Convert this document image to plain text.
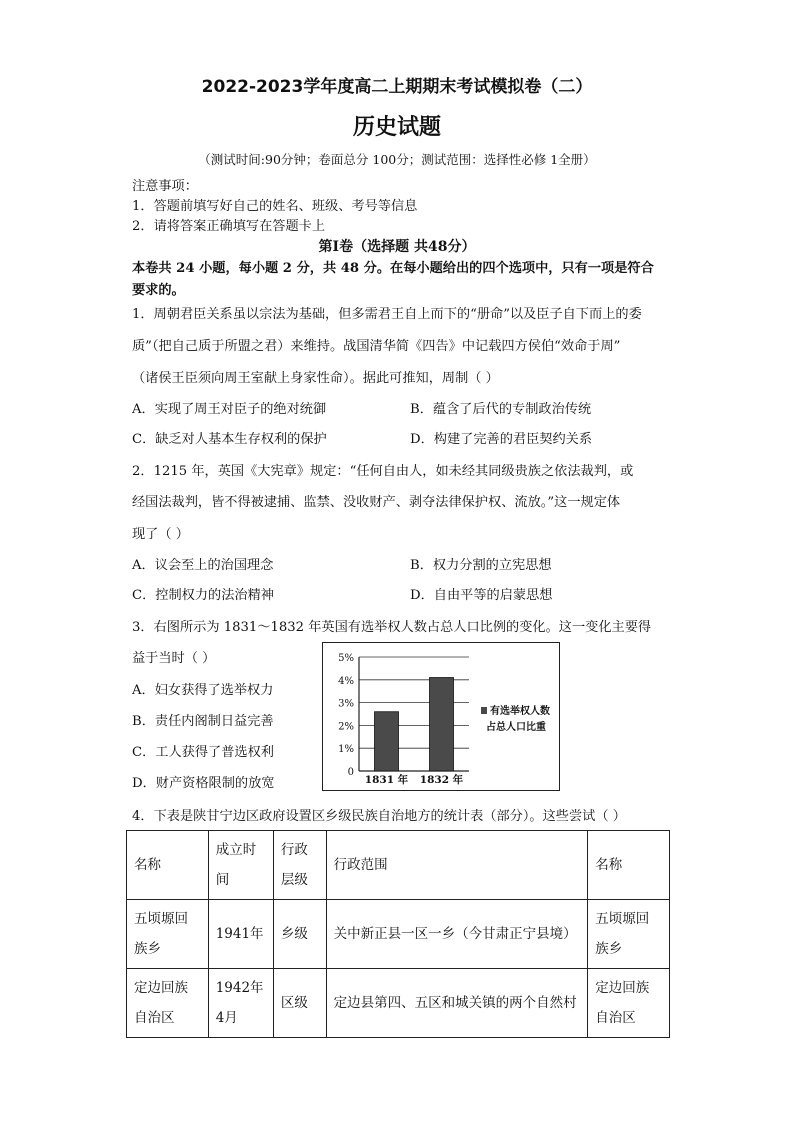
2022-2023学年度高二上期期末考试模拟卷（二）
历史试题
（测试时间:90分钟；卷面总分 100分；测试范围：选择性必修 1全册）
注意事项：
1．答题前填写好自己的姓名、班级、考号等信息
2．请将答案正确填写在答题卡上
第Ⅰ卷（选择题 共48分）
本卷共 24 小题，每小题 2 分，共 48 分。在每小题给出的四个选项中，只有一项是符合
要求的。
1．周朝君臣关系虽以宗法为基础，但多需君王自上而下的“册命”以及臣子自下而上的委
质”（把自己质于所盟之君）来维持。战国清华简《四告》中记载四方侯伯“效命于周”
（诸侯王臣须向周王室献上身家性命）。据此可推知，周制（ ）
A．实现了周王对臣子的绝对统御	B．蕴含了后代的专制政治传统
C．缺乏对人基本生存权利的保护	D．构建了完善的君臣契约关系
2．1215 年，英国《大宪章》规定：“任何自由人，如未经其同级贵族之依法裁判，或
经国法裁判，皆不得被逮捕、监禁、没收财产、剥夺法律保护权、流放。”这一规定体
现了（ ）
A．议会至上的治国理念	B．权力分割的立宪思想
C．控制权力的法治精神	D．自由平等的启蒙思想
3．右图所示为 1831～1832 年英国有选举权人数占总人口比例的变化。这一变化主要得
益于当时（ ）
A．妇女获得了选举权力
B．责任内阁制日益完善
C．工人获得了普选权利
D．财产资格限制的放宽
0
1%
2%
3%
4%
5%
1831 年 1832 年
有选举权人数
占总人口比重
4．下表是陕甘宁边区政府设置区乡级民族自治地方的统计表（部分）。这些尝试（ ）
名称	成立时间	行政层级	行政范围	名称
五顷塬回族乡	1941年	乡级	关中新正县一区一乡（今甘肃正宁县境）	五顷塬回族乡
定边回族自治区	1942年4月	区级	定边县第四、五区和城关镇的两个自然村	定边回族自治区
